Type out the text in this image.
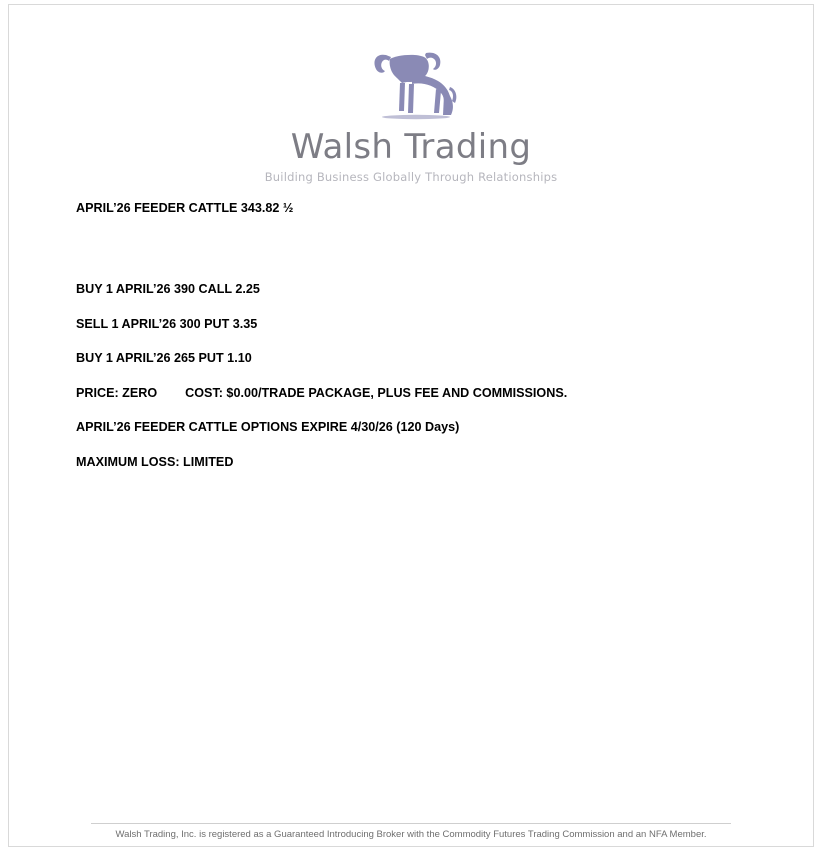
Walsh Trading
Building Business Globally Through Relationships
APRIL’26 FEEDER CATTLE 343.82 ½
BUY 1 APRIL’26 390 CALL 2.25
SELL 1 APRIL’26 300 PUT 3.35
BUY 1 APRIL’26 265 PUT 1.10
PRICE: ZERO        COST: $0.00/TRADE PACKAGE, PLUS FEE AND COMMISSIONS.
APRIL’26 FEEDER CATTLE OPTIONS EXPIRE 4/30/26 (120 Days)
MAXIMUM LOSS: LIMITED
Walsh Trading, Inc. is registered as a Guaranteed Introducing Broker with the Commodity Futures Trading Commission and an NFA Member.
